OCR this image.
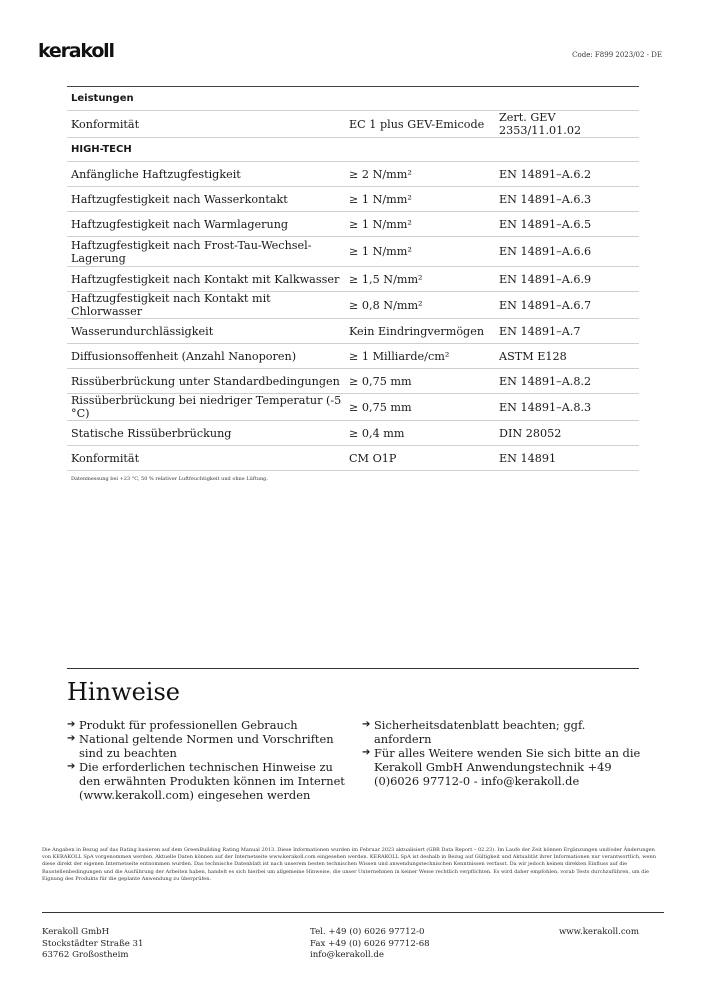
kerakoll	Code: F899 2023/02 - DE
Leistungen		
Konformität	EC 1 plus GEV-Emicode	Zert. GEV 2353/11.01.02
HIGH-TECH		
Anfängliche Haftzugfestigkeit	≥ 2 N/mm²	EN 14891–A.6.2
Haftzugfestigkeit nach Wasserkontakt	≥ 1 N/mm²	EN 14891–A.6.3
Haftzugfestigkeit nach Warmlagerung	≥ 1 N/mm²	EN 14891–A.6.5
Haftzugfestigkeit nach Frost-Tau-Wechsel-Lagerung	≥ 1 N/mm²	EN 14891–A.6.6
Haftzugfestigkeit nach Kontakt mit Kalkwasser	≥ 1,5 N/mm²	EN 14891–A.6.9
Haftzugfestigkeit nach Kontakt mit Chlorwasser	≥ 0,8 N/mm²	EN 14891–A.6.7
Wasserundurchlässigkeit	Kein Eindringvermögen	EN 14891–A.7
Diffusionsoffenheit (Anzahl Nanoporen)	≥ 1 Milliarde/cm²	ASTM E128
Rissüberbrückung unter Standardbedingungen	≥ 0,75 mm	EN 14891–A.8.2
Rissüberbrückung bei niedriger Temperatur (-5 °C)	≥ 0,75 mm	EN 14891–A.8.3
Statische Rissüberbrückung	≥ 0,4 mm	DIN 28052
Konformität	CM O1P	EN 14891
Datenmessung bei +23 °C, 50 % relativer Luftfeuchtigkeit und ohne Lüftung.
Hinweise
➔ Produkt für professionellen Gebrauch
➔ National geltende Normen und Vorschriften sind zu beachten
➔ Die erforderlichen technischen Hinweise zu den erwähnten Produkten können im Internet (www.kerakoll.com) eingesehen werden
➔ Sicherheitsdatenblatt beachten; ggf. anfordern
➔ Für alles Weitere wenden Sie sich bitte an die Kerakoll GmbH Anwendungstechnik +49 (0)6026 97712-0 - info@kerakoll.de

Die Angaben in Bezug auf das Rating basieren auf dem GreenBuilding Rating Manual 2013. Diese Informationen wurden im Februar 2023 aktualisiert (GBR Data Report – 02.23). Im Laufe der Zeit können Ergänzungen und/oder Änderungen von KERAKOLL SpA vorgenommen werden. Aktuelle Daten können auf der Internetseite www.kerakoll.com eingesehen werden. KERAKOLL SpA ist deshalb in Bezug auf Gültigkeit und Aktualität ihrer Informationen nur verantwortlich, wenn diese direkt der eigenen Internetseite entnommen wurden. Das technische Datenblatt ist nach unserem besten technischen Wissen und anwendungstechnischen Kenntnissen verfasst. Da wir jedoch keinen direkten Einfluss auf die Baustellenbedingungen und die Ausführung der Arbeiten haben, handelt es sich hierbei um allgemeine Hinweise, die unser Unternehmen in keiner Weise rechtlich verpflichten. Es wird daher empfohlen, vorab Tests durchzuführen, um die Eignung des Produkts für die geplante Anwendung zu überprüfen.

Kerakoll GmbH
Stockstädter Straße 31
63762 Großostheim
Tel. +49 (0) 6026 97712-0
Fax +49 (0) 6026 97712-68
info@kerakoll.de
www.kerakoll.com
